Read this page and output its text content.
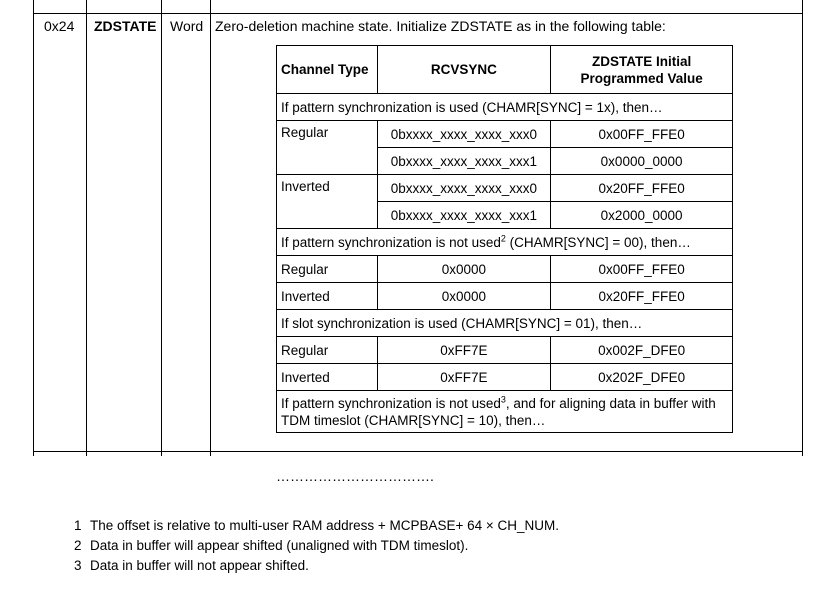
0x24 ZDSTATE Word Zero-deletion machine state. Initialize ZDSTATE as in the following table:
Channel Type	RCVSYNC	ZDSTATE Initial
Programmed Value
If pattern synchronization is used (CHAMR[SYNC] = 1x), then…		
Regular	0bxxxx_xxxx_xxxx_xxx0	0x00FF_FFE0
	0bxxxx_xxxx_xxxx_xxx1	0x0000_0000
Inverted	0bxxxx_xxxx_xxxx_xxx0	0x20FF_FFE0
	0bxxxx_xxxx_xxxx_xxx1	0x2000_0000
If pattern synchronization is not used$^2$ (CHAMR[SYNC] = 00), then…		
Regular	0x0000	0x00FF_FFE0
Inverted	0x0000	0x20FF_FFE0
If slot synchronization is used (CHAMR[SYNC] = 01), then…		
Regular	0xFF7E	0x002F_DFE0
Inverted	0xFF7E	0x202F_DFE0
If pattern synchronization is not used$^3$, and for aligning data in buffer with
TDM timeslot (CHAMR[SYNC] = 10), then…		
…………………………….
1 The offset is relative to multi-user RAM address + MCPBASE+ 64 × CH_NUM.
2 Data in buffer will appear shifted (unaligned with TDM timeslot).
3 Data in buffer will not appear shifted.
